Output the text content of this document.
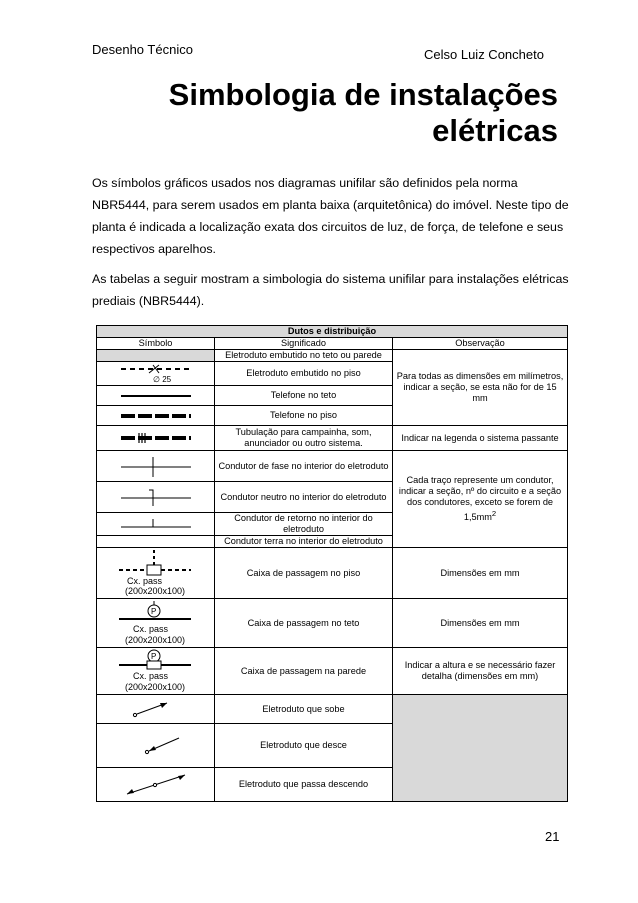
Desenho Técnico	Celso Luiz Concheto
Simbologia de instalações
elétricas
Os símbolos gráficos usados nos diagramas unifilar são definidos pela norma
NBR5444, para serem usados em planta baixa (arquitetônica) do imóvel. Neste tipo de
planta é indicada a localização exata dos circuitos de luz, de força, de telefone e seus
respectivos aparelhos.
As tabelas a seguir mostram a simbologia do sistema unifilar para instalações elétricas
prediais (NBR5444).
Dutos e distribuição		
Símbolo	Significado	Observação
	Eletroduto embutido no teto ou parede	Para todas as dimensões em milímetros, indicar a seção, se esta não for de 15 mm

∅ 25	Eletroduto embutido no piso	

	Telefone no teto	

	Telefone no piso	

	Tubulação para campainha, som, anunciador ou outro sistema.	Indicar na legenda o sistema passante

	Condutor de fase no interior do eletroduto	Cada traço represente um condutor, indicar a seção, nº do circuito e a seção dos condutores, exceto se forem de $1,5mm^2$

	Condutor neutro no interior do eletroduto	

	Condutor de retorno no interior do eletroduto	

	Condutor terra no interior do eletroduto	

Cx. pass
(200x200x100)	Caixa de passagem no piso	Dimensões em mm

P
Cx. pass
(200x200x100)	Caixa de passagem no teto	Dimensões em mm

P
Cx. pass
(200x200x100)	Caixa de passagem na parede	Indicar a altura e se necessário fazer detalha (dimensões em mm)

	Eletroduto que sobe	

	Eletroduto que desce	

	Eletroduto que passa descendo	
21
